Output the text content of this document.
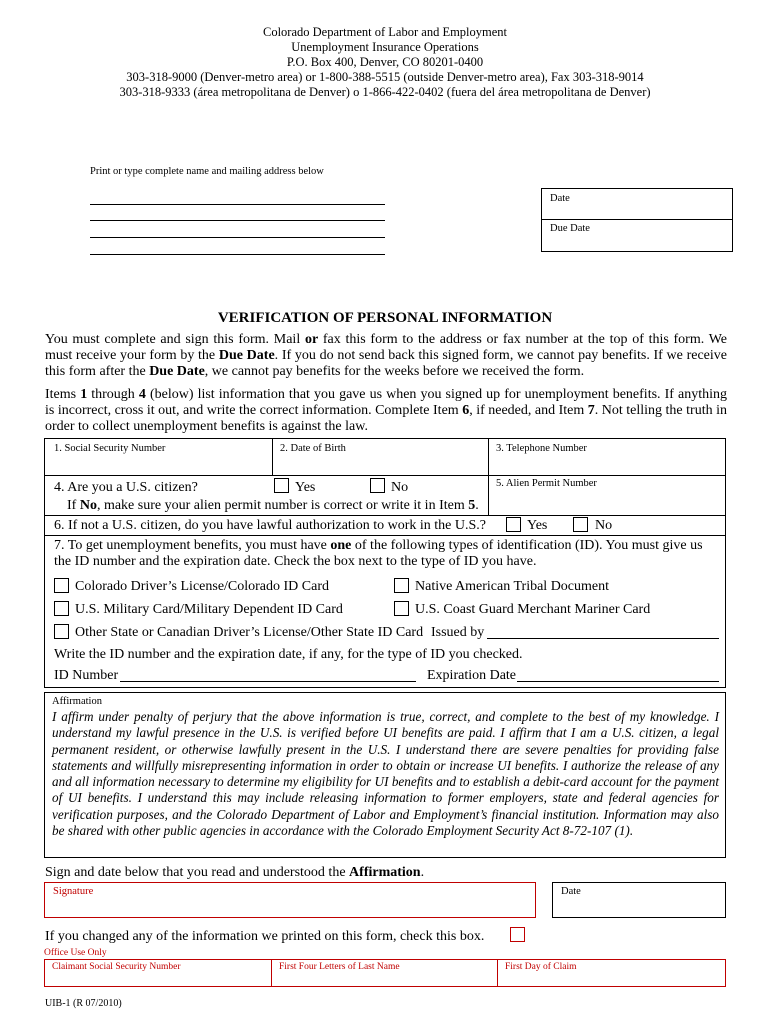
Colorado Department of Labor and Employment
Unemployment Insurance Operations
P.O. Box 400, Denver, CO 80201-0400
303-318-9000 (Denver-metro area) or 1-800-388-5515 (outside Denver-metro area), Fax 303-318-9014
303-318-9333 (área metropolitana de Denver) o 1-866-422-0402 (fuera del área metropolitana de Denver)
Print or type complete name and mailing address below
Date
Due Date
VERIFICATION OF PERSONAL INFORMATION
You must complete and sign this form. Mail or fax this form to the address or fax number at the top of this form. We must receive your form by the Due Date. If you do not send back this signed form, we cannot pay benefits. If we receive this form after the Due Date, we cannot pay benefits for the weeks before we received the form.
Items 1 through 4 (below) list information that you gave us when you signed up for unemployment benefits. If anything is incorrect, cross it out, and write the correct information. Complete Item 6, if needed, and Item 7. Not telling the truth in order to collect unemployment benefits is against the law.
1. Social Security Number	2. Date of Birth	3. Telephone Number
4. Are you a U.S. citizen?	Yes	No
If No, make sure your alien permit number is correct or write it in Item 5.
5. Alien Permit Number
6. If not a U.S. citizen, do you have lawful authorization to work in the U.S.?	Yes	No
7. To get unemployment benefits, you must have one of the following types of identification (ID). You must give us the ID number and the expiration date. Check the box next to the type of ID you have.
Colorado Driver’s License/Colorado ID Card	Native American Tribal Document
U.S. Military Card/Military Dependent ID Card	U.S. Coast Guard Merchant Mariner Card
Other State or Canadian Driver’s License/Other State ID Card Issued by
Write the ID number and the expiration date, if any, for the type of ID you checked.
ID Number	Expiration Date
Affirmation
I affirm under penalty of perjury that the above information is true, correct, and complete to the best of my knowledge. I understand my lawful presence in the U.S. is verified before UI benefits are paid. I affirm that I am a U.S. citizen, a legal permanent resident, or otherwise lawfully present in the U.S. I understand there are severe penalties for providing false statements and willfully misrepresenting information in order to obtain or increase UI benefits. I authorize the release of any and all information necessary to determine my eligibility for UI benefits and to establish a debit-card account for the payment of UI benefits. I understand this may include releasing information to former employers, state and federal agencies for verification purposes, and the Colorado Department of Labor and Employment’s financial institution. Information may also be shared with other public agencies in accordance with the Colorado Employment Security Act 8-72-107 (1).
Sign and date below that you read and understood the Affirmation.
Signature	Date
If you changed any of the information we printed on this form, check this box.
Office Use Only
Claimant Social Security Number	First Four Letters of Last Name	First Day of Claim
UIB-1 (R 07/2010)
